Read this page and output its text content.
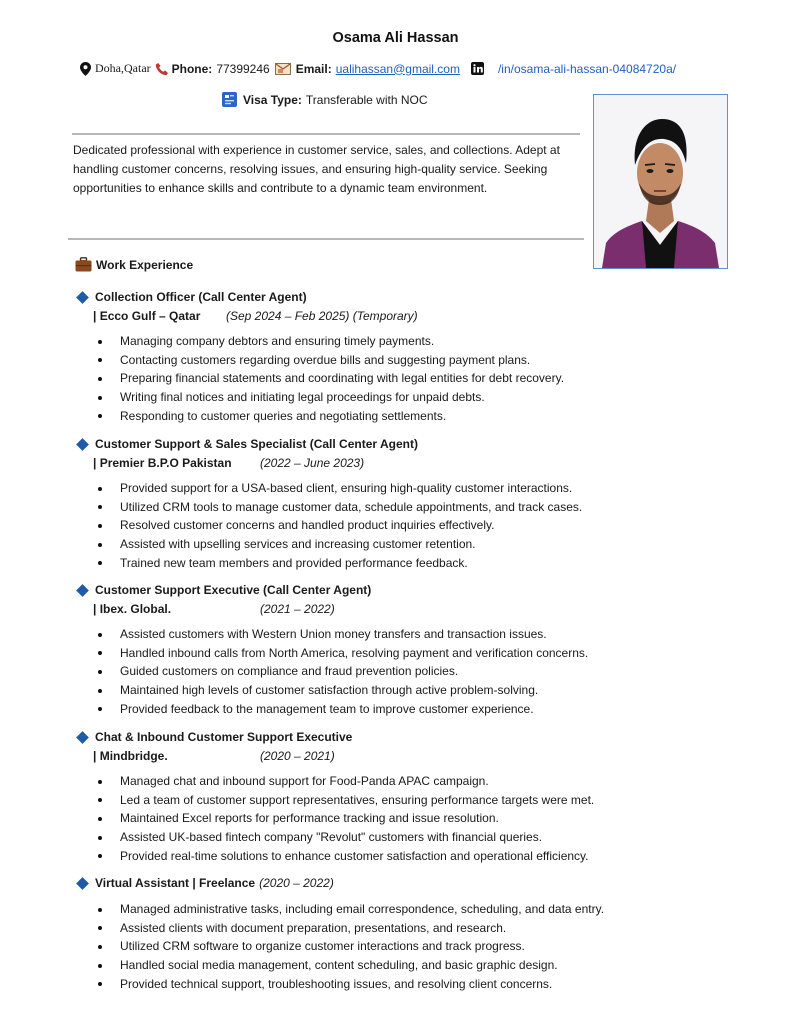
Osama Ali Hassan
Doha,Qatar Phone: 77399246 Email: ualihassan@gmail.com	/in/osama-ali-hassan-04084720a/
Visa Type: Transferable with NOC
Dedicated professional with experience in customer service, sales, and collections. Adept at handling customer concerns, resolving issues, and ensuring high-quality service. Seeking opportunities to enhance skills and contribute to a dynamic team environment.
Work Experience
Collection Officer (Call Center Agent)
| Ecco Gulf – Qatar (Sep 2024 – Feb 2025) (Temporary)
Managing company debtors and ensuring timely payments.
Contacting customers regarding overdue bills and suggesting payment plans.
Preparing financial statements and coordinating with legal entities for debt recovery.
Writing final notices and initiating legal proceedings for unpaid debts.
Responding to customer queries and negotiating settlements.
Customer Support & Sales Specialist (Call Center Agent)
| Premier B.P.O Pakistan (2022 – June 2023)
Provided support for a USA-based client, ensuring high-quality customer interactions.
Utilized CRM tools to manage customer data, schedule appointments, and track cases.
Resolved customer concerns and handled product inquiries effectively.
Assisted with upselling services and increasing customer retention.
Trained new team members and provided performance feedback.
Customer Support Executive (Call Center Agent)
| Ibex. Global.	(2021 – 2022)
Assisted customers with Western Union money transfers and transaction issues.
Handled inbound calls from North America, resolving payment and verification concerns.
Guided customers on compliance and fraud prevention policies.
Maintained high levels of customer satisfaction through active problem-solving.
Provided feedback to the management team to improve customer experience.
Chat & Inbound Customer Support Executive
| Mindbridge.	(2020 – 2021)
Managed chat and inbound support for Food-Panda APAC campaign.
Led a team of customer support representatives, ensuring performance targets were met.
Maintained Excel reports for performance tracking and issue resolution.
Assisted UK-based fintech company "Revolut" customers with financial queries.
Provided real-time solutions to enhance customer satisfaction and operational efficiency.
Virtual Assistant | Freelance (2020 – 2022)
Managed administrative tasks, including email correspondence, scheduling, and data entry.
Assisted clients with document preparation, presentations, and research.
Utilized CRM software to organize customer interactions and track progress.
Handled social media management, content scheduling, and basic graphic design.
Provided technical support, troubleshooting issues, and resolving client concerns.
